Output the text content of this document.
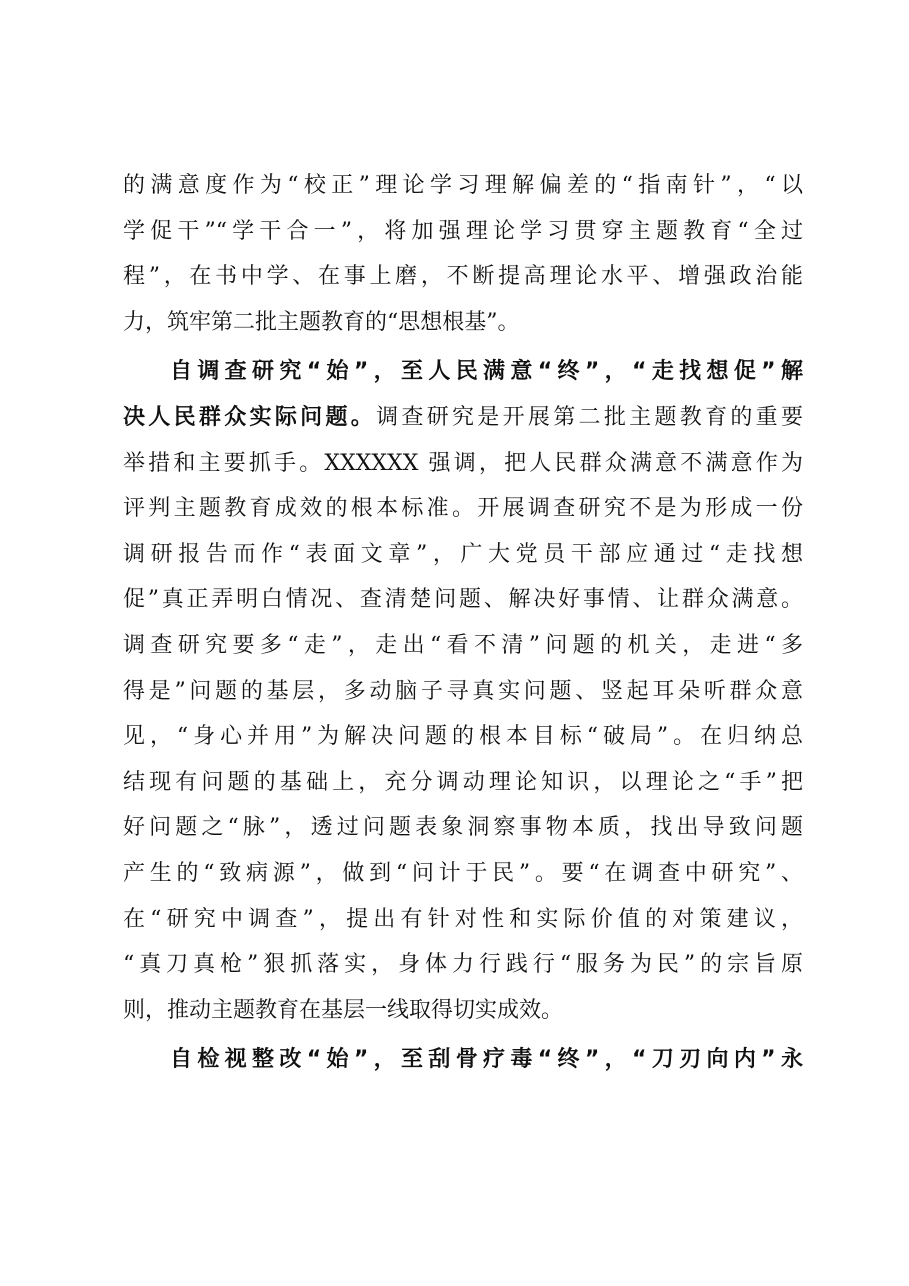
的满意度作为“校正”理论学习理解偏差的“指南针”，“以
学促干”“学干合一”，将加强理论学习贯穿主题教育“全过
程”，在书中学、在事上磨，不断提高理论水平、增强政治能
力，筑牢第二批主题教育的“思想根基”。
自调查研究“始”，至人民满意“终”，“走找想促”解
决人民群众实际问题。调查研究是开展第二批主题教育的重要
举措和主要抓手。XXXXXX 强调，把人民群众满意不满意作为
评判主题教育成效的根本标准。开展调查研究不是为形成一份
调研报告而作“表面文章”，广大党员干部应通过“走找想
促”真正弄明白情况、查清楚问题、解决好事情、让群众满意。
调查研究要多“走”，走出“看不清”问题的机关，走进“多
得是”问题的基层，多动脑子寻真实问题、竖起耳朵听群众意
见，“身心并用”为解决问题的根本目标“破局”。在归纳总
结现有问题的基础上，充分调动理论知识，以理论之“手”把
好问题之“脉”，透过问题表象洞察事物本质，找出导致问题
产生的“致病源”，做到“问计于民”。要“在调查中研究”、
在“研究中调查”，提出有针对性和实际价值的对策建议，
“真刀真枪”狠抓落实，身体力行践行“服务为民”的宗旨原
则，推动主题教育在基层一线取得切实成效。
自检视整改“始”，至刮骨疗毒“终”，“刀刃向内”永
